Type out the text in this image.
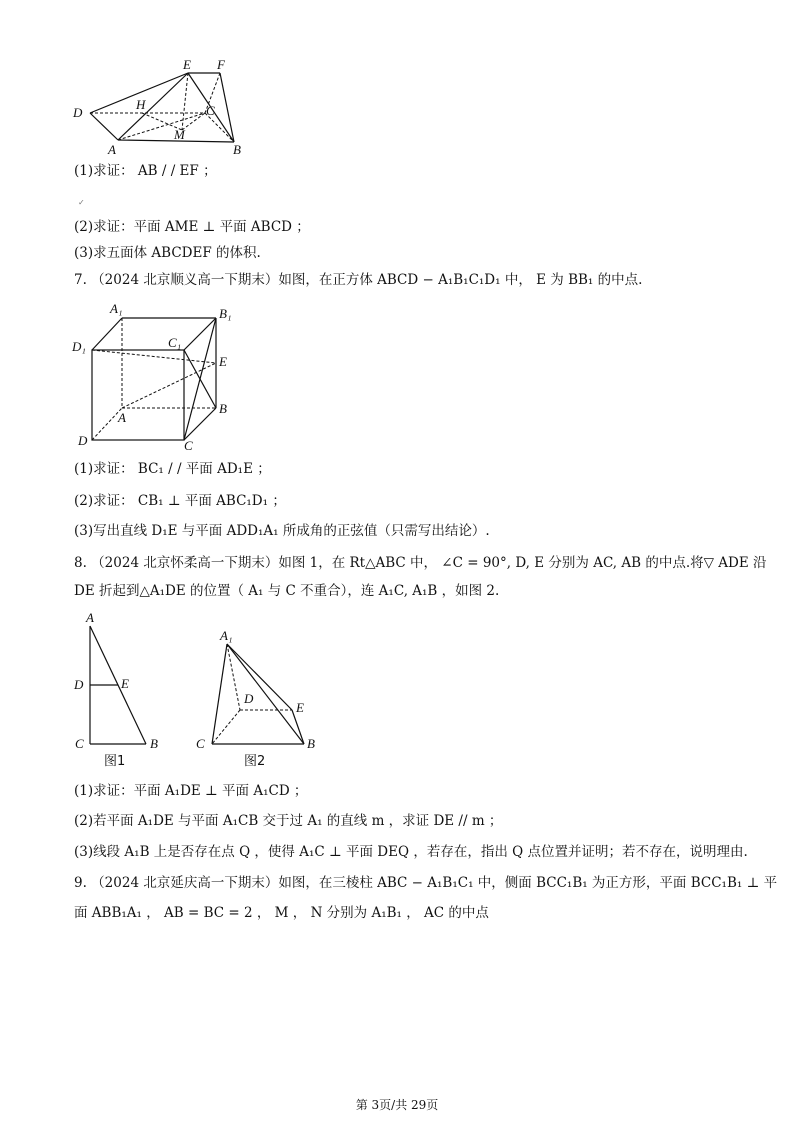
E F
D
H	C
M
A	B
(1)求证： AB / / EF ；
✓
(2)求证：平面 AME ⊥ 平面 ABCD ；
(3)求五面体 ABCDEF 的体积.
7. （2024 北京顺义高一下期末）如图，在正方体 ABCD − A₁B₁C₁D₁ 中， E 为 BB₁ 的中点.
A₁	B₁
D₁	C₁
E
A
B
D	C
(1)求证： BC₁ / / 平面 AD₁E ；
(2)求证： CB₁ ⊥ 平面 ABC₁D₁ ；
(3)写出直线 D₁E 与平面 ADD₁A₁ 所成角的正弦值（只需写出结论）.
8. （2024 北京怀柔高一下期末）如图 1，在 Rt△ABC 中， ∠C = 90°, D, E 分别为 AC, AB 的中点.将▽ ADE 沿
DE 折起到△A₁DE 的位置（ A₁ 与 C 不重合），连 A₁C, A₁B ，如图 2.
A
D	E
C	B
图1
A₁
D
E
C	B
图2
(1)求证：平面 A₁DE ⊥ 平面 A₁CD ；
(2)若平面 A₁DE 与平面 A₁CB 交于过 A₁ 的直线 m ，求证 DE // m ；
(3)线段 A₁B 上是否存在点 Q ，使得 A₁C ⊥ 平面 DEQ ，若存在，指出 Q 点位置并证明；若不存在，说明理由.
9. （2024 北京延庆高一下期末）如图，在三棱柱 ABC − A₁B₁C₁ 中，侧面 BCC₁B₁ 为正方形，平面 BCC₁B₁ ⊥ 平
面 ABB₁A₁ ， AB = BC = 2 ， M ， N 分别为 A₁B₁ ， AC 的中点
第 3页/共 29页
